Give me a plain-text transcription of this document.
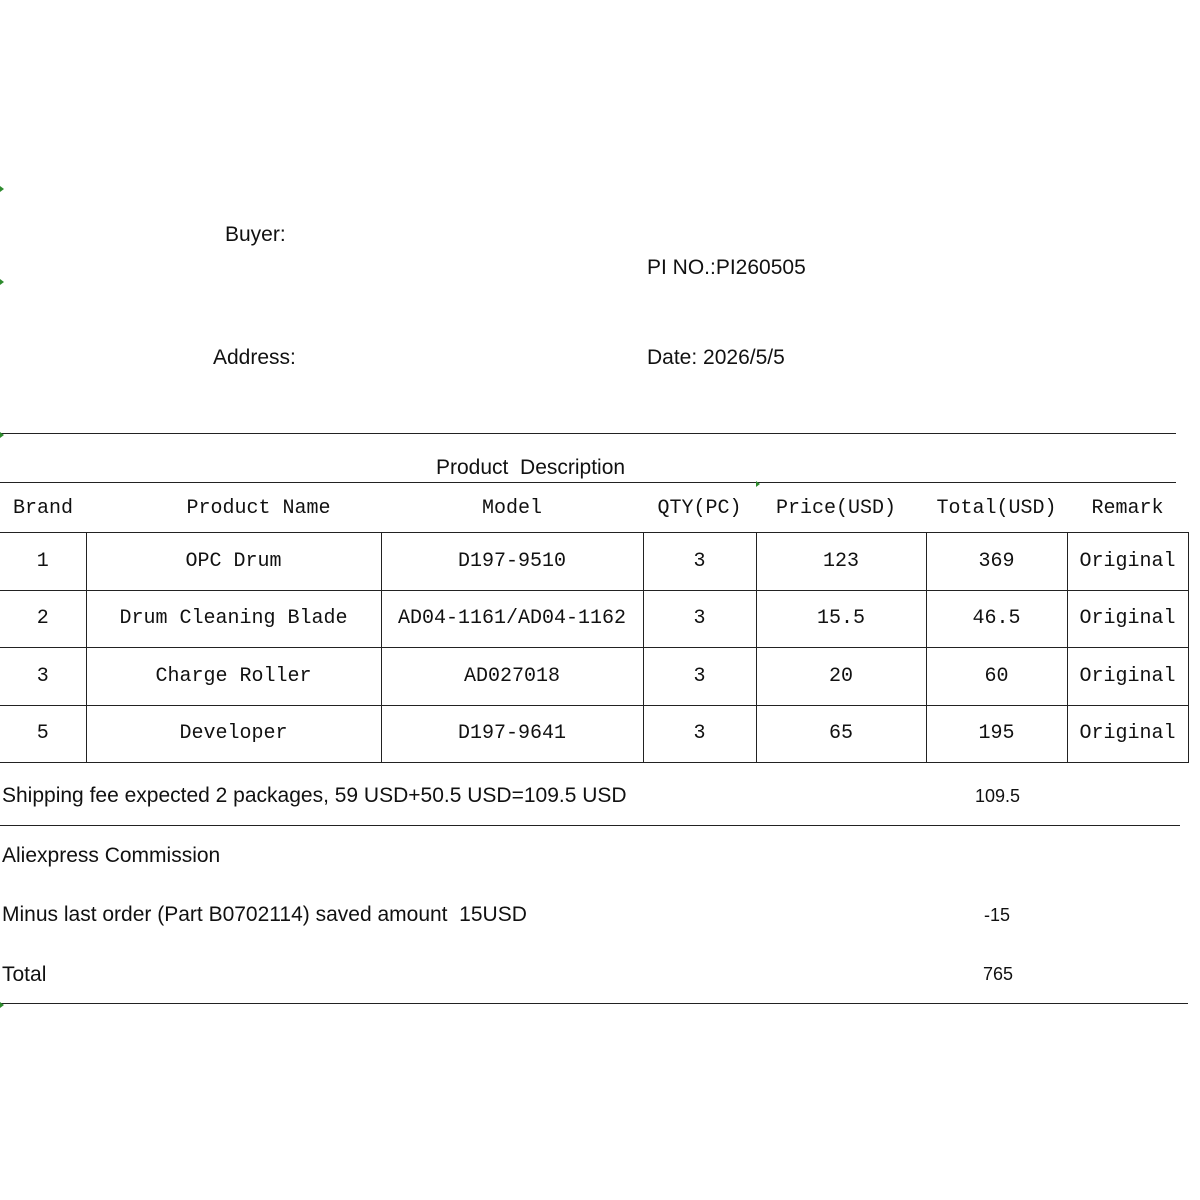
Buyer:
PI NO.:PI260505
Address:	Date: 2026/5/5
Product  Description
Brand	Product Name	Model	QTY(PC)	Price(USD)	Total(USD)	Remark
1	OPC Drum	D197-9510	3	123	369	Original
2	Drum Cleaning Blade	AD04-1161/AD04-1162	3	15.5	46.5	Original
3	Charge Roller	AD027018	3	20	60	Original
5	Developer	D197-9641	3	65	195	Original
Shipping fee expected 2 packages, 59 USD+50.5 USD=109.5 USD	109.5
Aliexpress Commission
Minus last order (Part B0702114) saved amount  15USD	-15
Total	765
